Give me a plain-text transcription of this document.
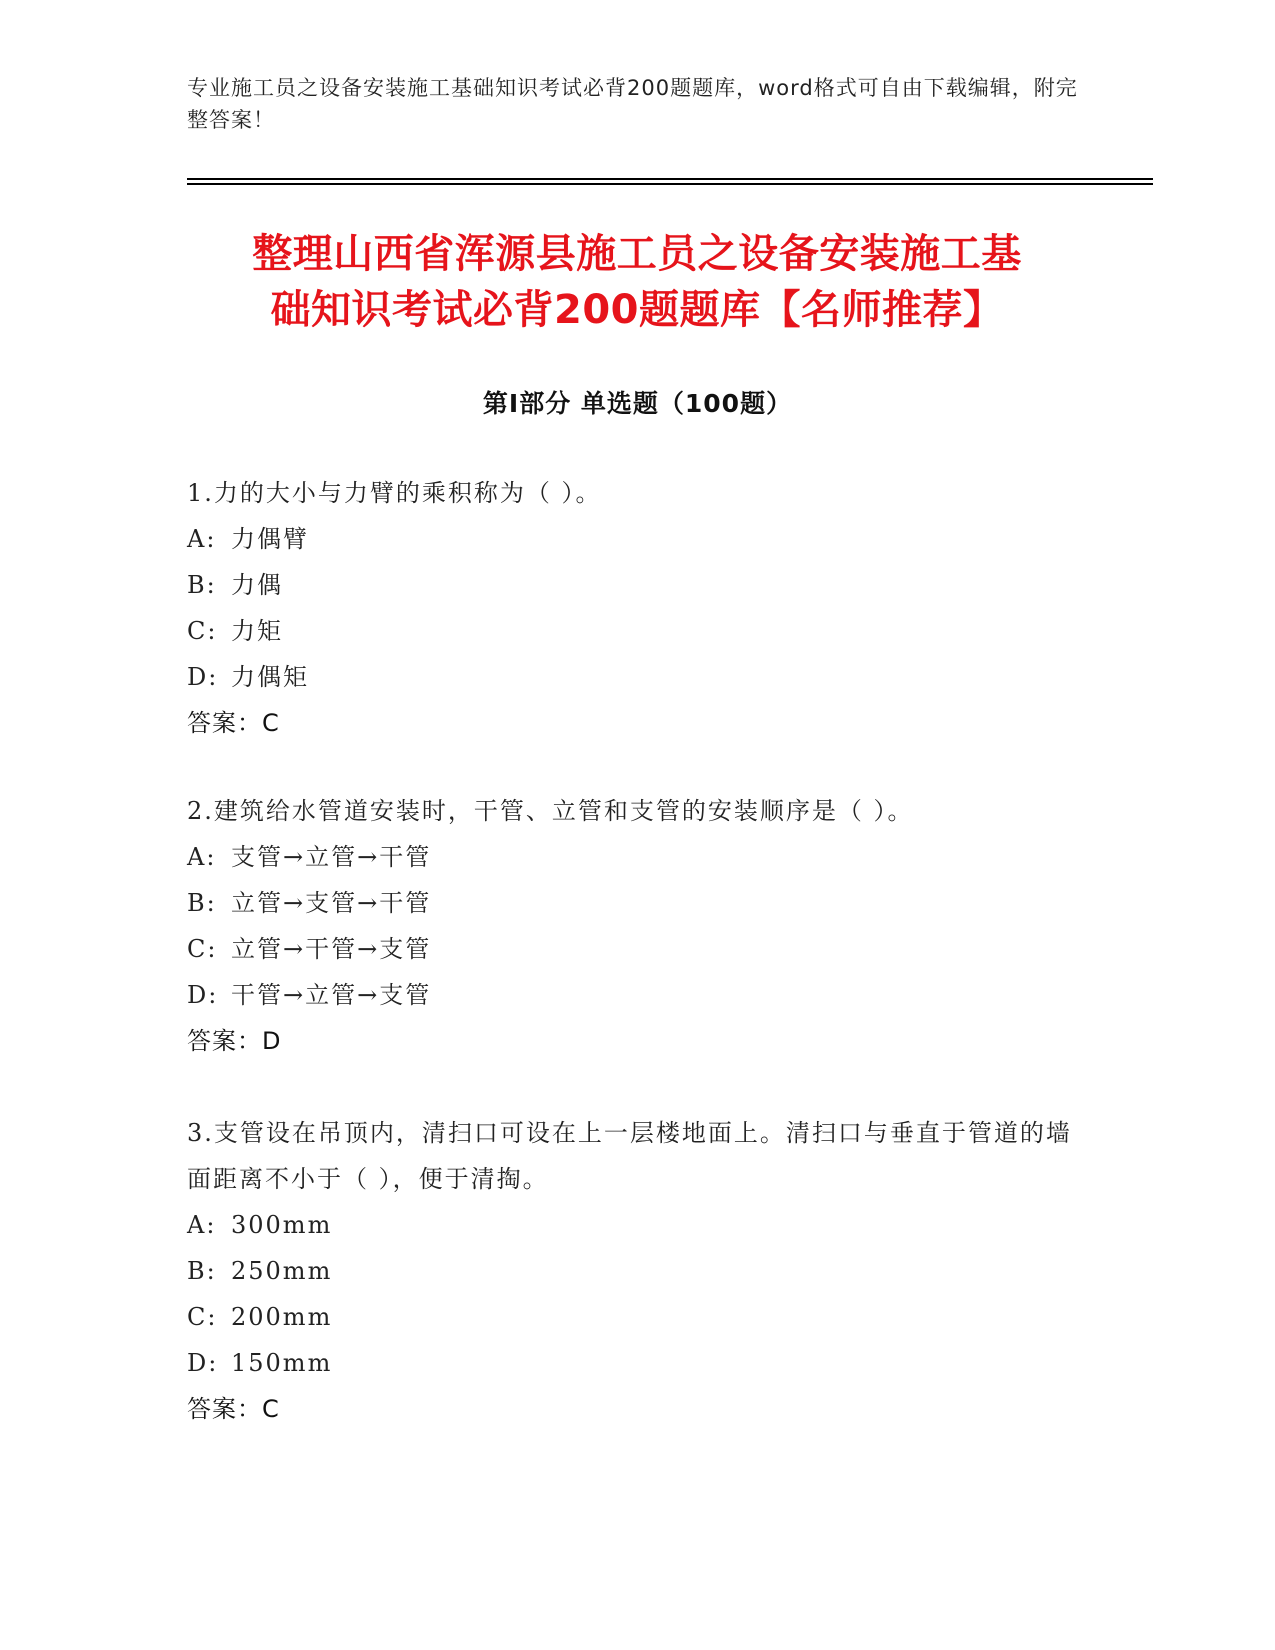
专业施工员之设备安装施工基础知识考试必背200题题库，word格式可自由下载编辑，附完整答案！
整理山西省浑源县施工员之设备安装施工基
础知识考试必背200题题库【名师推荐】
第I部分 单选题（100题）
1.力的大小与力臂的乘积称为（ ）。
A: 力偶臂
B: 力偶
C: 力矩
D: 力偶矩
答案：C
2.建筑给水管道安装时，干管、立管和支管的安装顺序是（ ）。
A: 支管→立管→干管
B: 立管→支管→干管
C: 立管→干管→支管
D: 干管→立管→支管
答案：D
3.支管设在吊顶内，清扫口可设在上一层楼地面上。清扫口与垂直于管道的墙面距离不小于（ ），便于清掏。
A: 300mm
B: 250mm
C: 200mm
D: 150mm
答案：C
